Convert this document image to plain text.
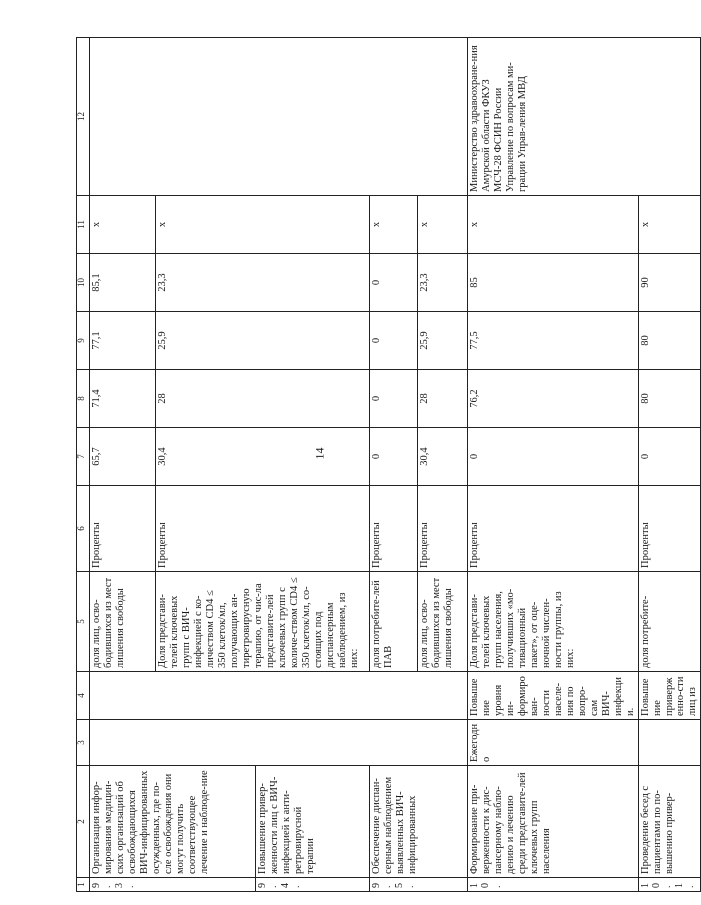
14
1	2	3	4	5	6	7	8	9	10	11	12
9.3.	Организация инфор-мирования медицин-ских организаций об освобождающихся ВИЧ-инфицированных осужденных, где по-сле освобождения они могут получить соответствующее лечение и наблюде-ние			доля лиц, осво-бодившихся из мест лишения свободы	Проценты	65,7	71,4	77,1	85,1	х	
				Доля представи-телей ключевых групп с ВИЧ-инфекцией с ко-личеством CD4 ≤ 350 клеток/мл, получающих ан-тиретровирусную терапию, от чис-ла представите-лей ключевых групп с количе-ством CD4 ≤ 350 клеток/мл, со-стоящих под диспансерным наблюдением, из них:	Проценты	30,4	28	25,9	23,3	х	
9.4.	Повышение привер-женности лиц с ВИЧ-инфекцией к анти-ретровирусной терапии										
9.5.	Обеспечение диспан-серным наблюдением выявленных ВИЧ-инфицированных			доля потребите-лей ПАВ	Проценты	0	0	0	0	х	
				доля лиц, осво-бодившихся из мест лишения свободы	Проценты	30,4	28	25,9	23,3	х	
10.	Формирование при-верженности к дис-пансерному наблю-дению и лечению среди представите-лей ключевых групп населения	Ежегодно	Повышение уровня ин-формирован-ности населе-ния по вопро-сам ВИЧ-инфекции.	Доля представи-телей ключевых групп населения, получивших «мо-тивационный пакет», от оце-ночной числен-ности группы, из них:	Проценты	0	76,2	77,5	85	х	Министерство здравоохране-ния Амурской области ФКУЗ МСЧ-28 ФСИН России Управление по вопросам ми-грации Управ-ления МВД
10.1.	Проведение бесед с пациентами по по-вышению привер-		Повышение приверженно-сти лиц из	доля потребите-	Проценты	0	80	80	90	х	
